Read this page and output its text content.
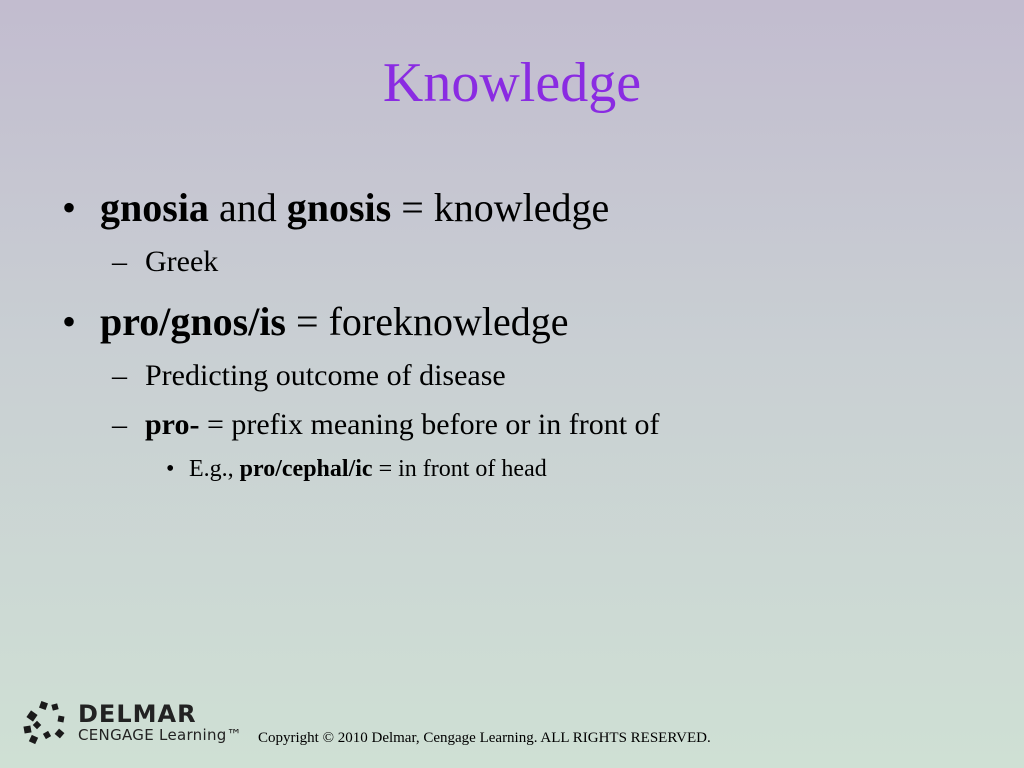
Knowledge
• gnosia and gnosis = knowledge
– Greek
• pro/gnos/is = foreknowledge
– Predicting outcome of disease
– pro- = prefix meaning before or in front of
• E.g., pro/cephal/ic = in front of head
DELMAR
CENGAGE Learning™ Copyright © 2010 Delmar, Cengage Learning. ALL RIGHTS RESERVED.
